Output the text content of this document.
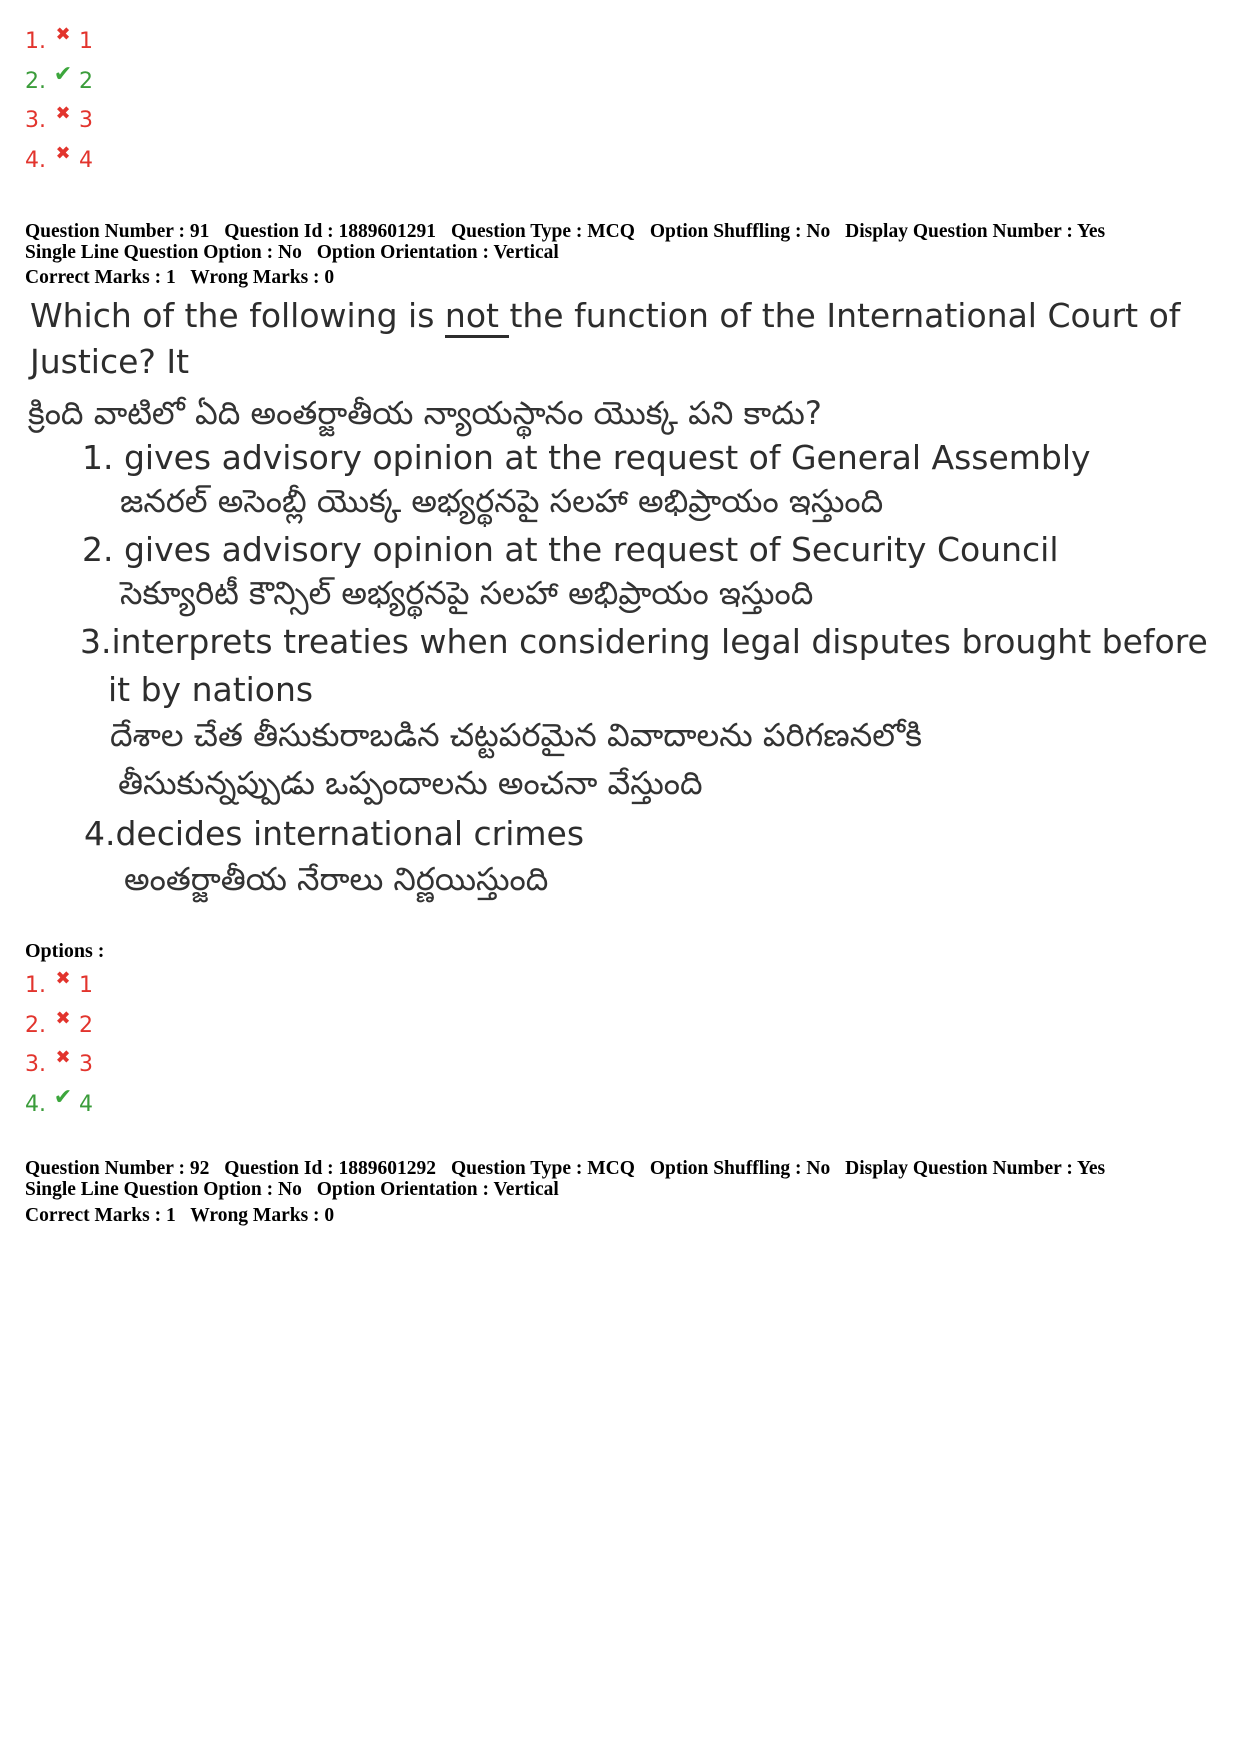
1. ✖ 1
2. ✔ 2
3. ✖ 3
4. ✖ 4
Question Number : 91 Question Id : 1889601291 Question Type : MCQ Option Shuffling : No Display Question Number : Yes
Single Line Question Option : No Option Orientation : Vertical
Correct Marks : 1 Wrong Marks : 0
Which of the following is not the function of the International Court of
Justice? It
క్రింది వాటిలో ఏది అంతర్జాతీయ న్యాయస్థానం యొక్క పని కాదు?
1. gives advisory opinion at the request of General Assembly
జనరల్ అసెంబ్లీ యొక్క అభ్యర్థనపై సలహా అభిప్రాయం ఇస్తుంది
2. gives advisory opinion at the request of Security Council
సెక్యూరిటీ కౌన్సిల్ అభ్యర్థనపై సలహా అభిప్రాయం ఇస్తుంది
3.interprets treaties when considering legal disputes brought before
it by nations
దేశాల చేత తీసుకురాబడిన చట్టపరమైన వివాదాలను పరిగణనలోకి
తీసుకున్నప్పుడు ఒప్పందాలను అంచనా వేస్తుంది
4.decides international crimes
అంతర్జాతీయ నేరాలు నిర్ణయిస్తుంది
Options :
1. ✖ 1
2. ✖ 2
3. ✖ 3
4. ✔ 4
Question Number : 92 Question Id : 1889601292 Question Type : MCQ Option Shuffling : No Display Question Number : Yes
Single Line Question Option : No Option Orientation : Vertical
Correct Marks : 1 Wrong Marks : 0
